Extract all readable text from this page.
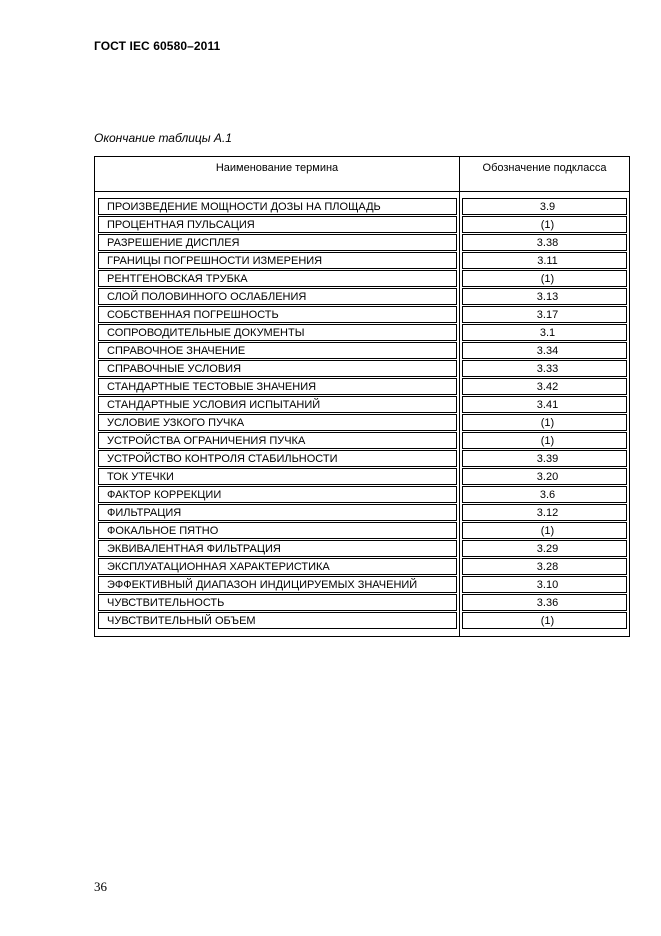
ГОСТ IEC 60580–2011
Окончание таблицы А.1
Наименование термина	Обозначение подкласса

ПРОИЗВЕДЕНИЕ МОЩНОСТИ ДОЗЫ НА ПЛОЩАДЬ	3.9

ПРОЦЕНТНАЯ ПУЛЬСАЦИЯ	(1)

РАЗРЕШЕНИЕ ДИСПЛЕЯ	3.38

ГРАНИЦЫ ПОГРЕШНОСТИ ИЗМЕРЕНИЯ	3.11

РЕНТГЕНОВСКАЯ ТРУБКА	(1)

СЛОЙ ПОЛОВИННОГО ОСЛАБЛЕНИЯ	3.13

СОБСТВЕННАЯ ПОГРЕШНОСТЬ	3.17

СОПРОВОДИТЕЛЬНЫЕ ДОКУМЕНТЫ	3.1

СПРАВОЧНОЕ ЗНАЧЕНИЕ	3.34

СПРАВОЧНЫЕ УСЛОВИЯ	3.33

СТАНДАРТНЫЕ ТЕСТОВЫЕ ЗНАЧЕНИЯ	3.42

СТАНДАРТНЫЕ УСЛОВИЯ ИСПЫТАНИЙ	3.41

УСЛОВИЕ УЗКОГО ПУЧКА	(1)

УСТРОЙСТВА ОГРАНИЧЕНИЯ ПУЧКА	(1)

УСТРОЙСТВО КОНТРОЛЯ СТАБИЛЬНОСТИ	3.39

ТОК УТЕЧКИ	3.20

ФАКТОР КОРРЕКЦИИ	3.6

ФИЛЬТРАЦИЯ	3.12

ФОКАЛЬНОЕ ПЯТНО	(1)

ЭКВИВАЛЕНТНАЯ ФИЛЬТРАЦИЯ	3.29

ЭКСПЛУАТАЦИОННАЯ ХАРАКТЕРИСТИКА	3.28

ЭФФЕКТИВНЫЙ ДИАПАЗОН ИНДИЦИРУЕМЫХ ЗНАЧЕНИЙ	3.10

ЧУВСТВИТЕЛЬНОСТЬ	3.36

ЧУВСТВИТЕЛЬНЫЙ ОБЪЕМ	(1)

36
